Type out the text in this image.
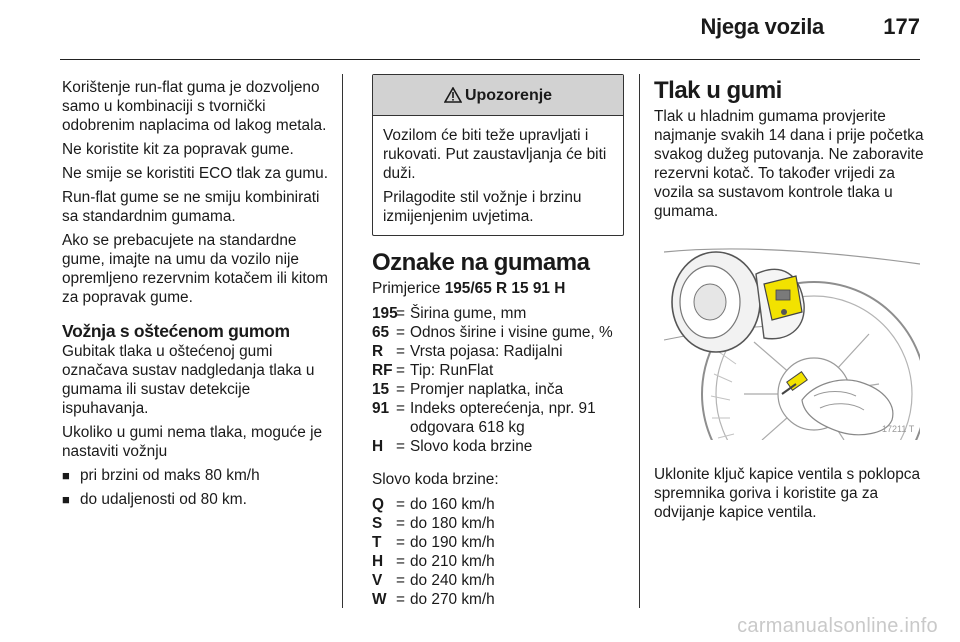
Njega vozila	177

Korištenje run-flat guma je dozvoljeno samo u kombinaciji s tvornički odobrenim naplacima od lakog metala.

Ne koristite kit za popravak gume.

Ne smije se koristiti ECO tlak za gumu.

Run-flat gume se ne smiju kombinirati sa standardnim gumama.

Ako se prebacujete na standardne gume, imajte na umu da vozilo nije opremljeno rezervnim kotačem ili kitom za popravak gume.

Vožnja s oštećenom gumom

Gubitak tlaka u oštećenoj gumi označava sustav nadgledanja tlaka u gumama ili sustav detekcije ispuhavanja.

Ukoliko u gumi nema tlaka, moguće je nastaviti vožnju

■ pri brzini od maks 80 km/h
■ do udaljenosti od 80 km.
Upozorenje

Vozilom će biti teže upravljati i rukovati. Put zaustavljanja će biti duži.

Prilagodite stil vožnje i brzinu izmijenjenim uvjetima.

Oznake na gumama
Primjerice 195/65 R 15 91 H
195
= Širina gume, mm
65 = Odnos širine i visine gume, %
R = Vrsta pojasa: Radijalni
RF = Tip: RunFlat
15 = Promjer naplatka, inča
91 = Indeks opterećenja, npr. 91 odgovara 618 kg
H = Slovo koda brzine
Slovo koda brzine:
Q = do 160 km/h
S = do 180 km/h
T = do 190 km/h
H = do 210 km/h
V = do 240 km/h
W = do 270 km/h
Tlak u gumi

Tlak u hladnim gumama provjerite najmanje svakih 14 dana i prije početka svakog dužeg putovanja. Ne zaboravite rezervni kotač. To također vrijedi za vozila sa sustavom kontrole tlaka u gumama.

17211 T

Uklonite ključ kapice ventila s poklopca spremnika goriva i koristite ga za odvijanje kapice ventila.

carmanualsonline.info
